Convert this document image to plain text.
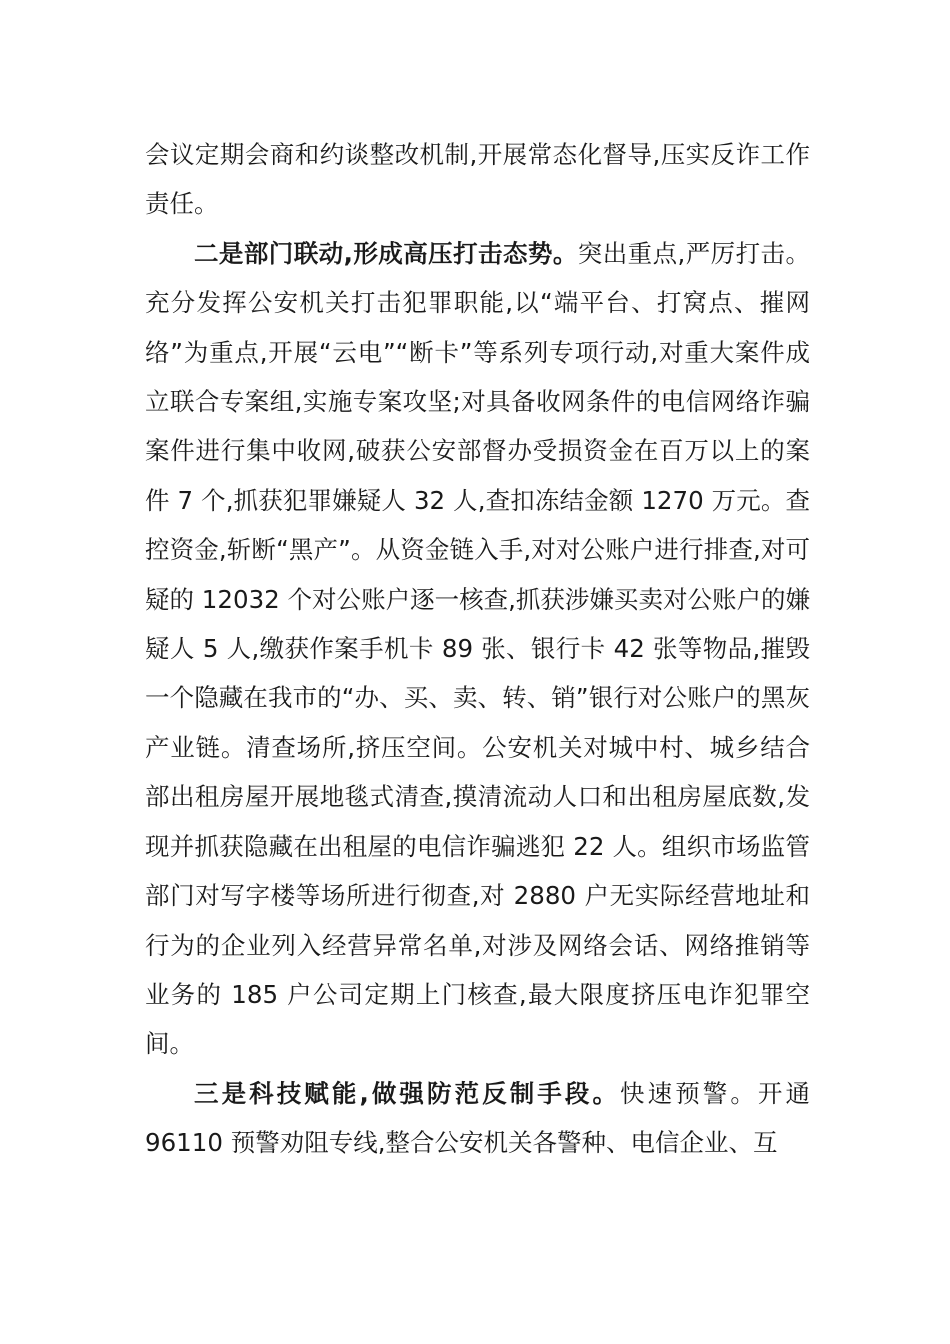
会议定期会商和约谈整改机制,开展常态化督导,压实反诈工作责任。

二是部门联动,形成高压打击态势。突出重点,严厉打击。充分发挥公安机关打击犯罪职能,以“端平台、打窝点、摧网络”为重点,开展“云电”“断卡”等系列专项行动,对重大案件成立联合专案组,实施专案攻坚;对具备收网条件的电信网络诈骗案件进行集中收网,破获公安部督办受损资金在百万以上的案件 7 个,抓获犯罪嫌疑人 32 人,查扣冻结金额 1270 万元。查控资金,斩断“黑产”。从资金链入手,对对公账户进行排查,对可疑的 12032 个对公账户逐一核查,抓获涉嫌买卖对公账户的嫌疑人 5 人,缴获作案手机卡 89 张、银行卡 42 张等物品,摧毁一个隐藏在我市的“办、买、卖、转、销”银行对公账户的黑灰产业链。清查场所,挤压空间。公安机关对城中村、城乡结合部出租房屋开展地毯式清查,摸清流动人口和出租房屋底数,发现并抓获隐藏在出租屋的电信诈骗逃犯 22 人。组织市场监管部门对写字楼等场所进行彻查,对 2880 户无实际经营地址和行为的企业列入经营异常名单,对涉及网络会话、网络推销等业务的 185 户公司定期上门核查,最大限度挤压电诈犯罪空间。

三是科技赋能,做强防范反制手段。快速预警。开通 96110 预警劝阻专线,整合公安机关各警种、电信企业、互
